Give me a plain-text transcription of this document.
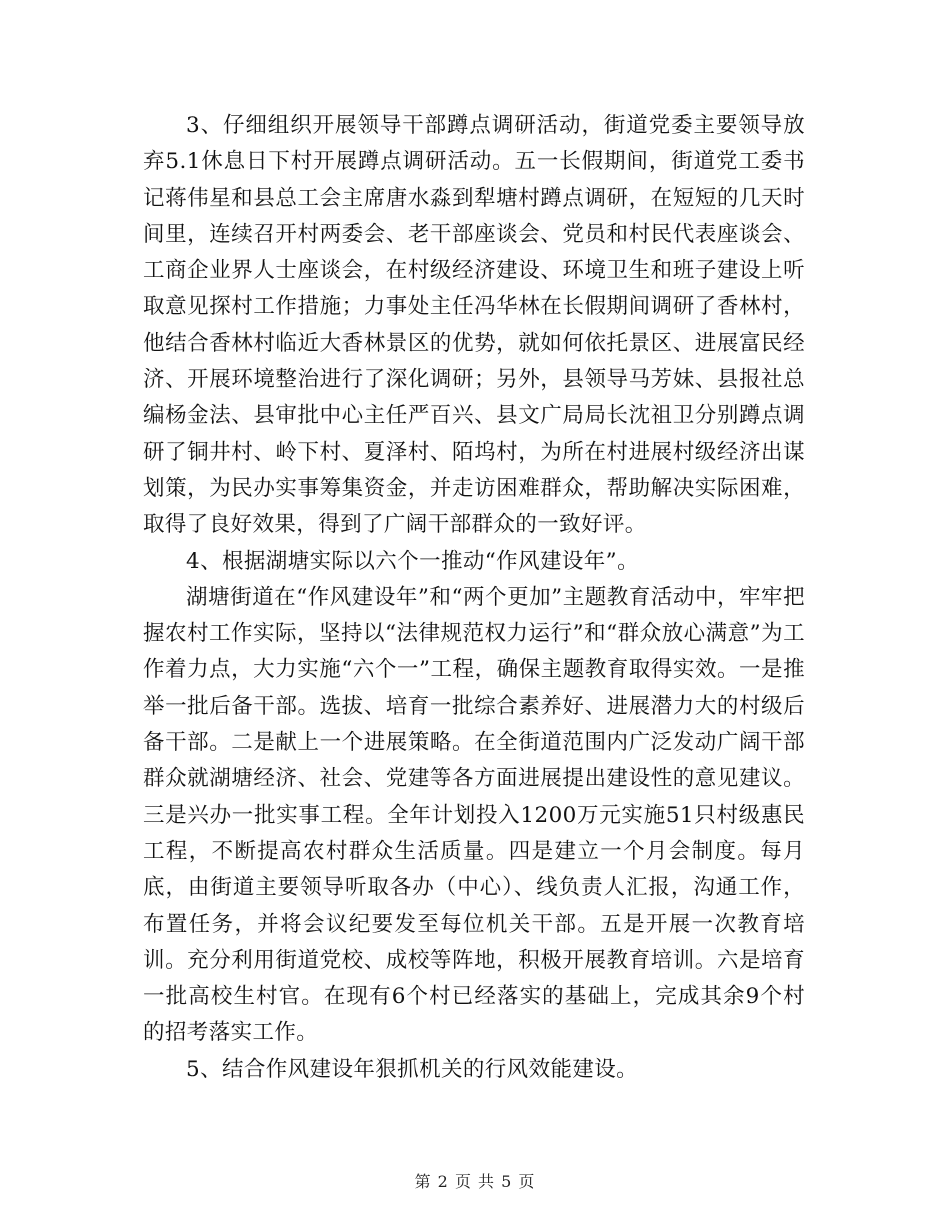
3、仔细组织开展领导干部蹲点调研活动，街道党委主要领导放弃5.1休息日下村开展蹲点调研活动。五一长假期间，街道党工委书记蒋伟星和县总工会主席唐水淼到犁塘村蹲点调研，在短短的几天时间里，连续召开村两委会、老干部座谈会、党员和村民代表座谈会、工商企业界人士座谈会，在村级经济建设、环境卫生和班子建设上听取意见探村工作措施；力事处主任冯华林在长假期间调研了香林村，他结合香林村临近大香林景区的优势，就如何依托景区、进展富民经济、开展环境整治进行了深化调研；另外，县领导马芳妹、县报社总编杨金法、县审批中心主任严百兴、县文广局局长沈祖卫分别蹲点调研了铜井村、岭下村、夏泽村、陌坞村，为所在村进展村级经济出谋划策，为民办实事筹集资金，并走访困难群众，帮助解决实际困难，取得了良好效果，得到了广阔干部群众的一致好评。

4、根据湖塘实际以六个一推动“作风建设年”。

湖塘街道在“作风建设年”和“两个更加”主题教育活动中，牢牢把握农村工作实际，坚持以“法律规范权力运行”和“群众放心满意”为工作着力点，大力实施“六个一”工程，确保主题教育取得实效。一是推举一批后备干部。选拔、培育一批综合素养好、进展潜力大的村级后备干部。二是献上一个进展策略。在全街道范围内广泛发动广阔干部群众就湖塘经济、社会、党建等各方面进展提出建设性的意见建议。三是兴办一批实事工程。全年计划投入1200万元实施51只村级惠民工程，不断提高农村群众生活质量。四是建立一个月会制度。每月底，由街道主要领导听取各办（中心）、线负责人汇报，沟通工作，布置任务，并将会议纪要发至每位机关干部。五是开展一次教育培训。充分利用街道党校、成校等阵地，积极开展教育培训。六是培育一批高校生村官。在现有6个村已经落实的基础上，完成其余9个村的招考落实工作。

5、结合作风建设年狠抓机关的行风效能建设。

第 2 页 共 5 页
